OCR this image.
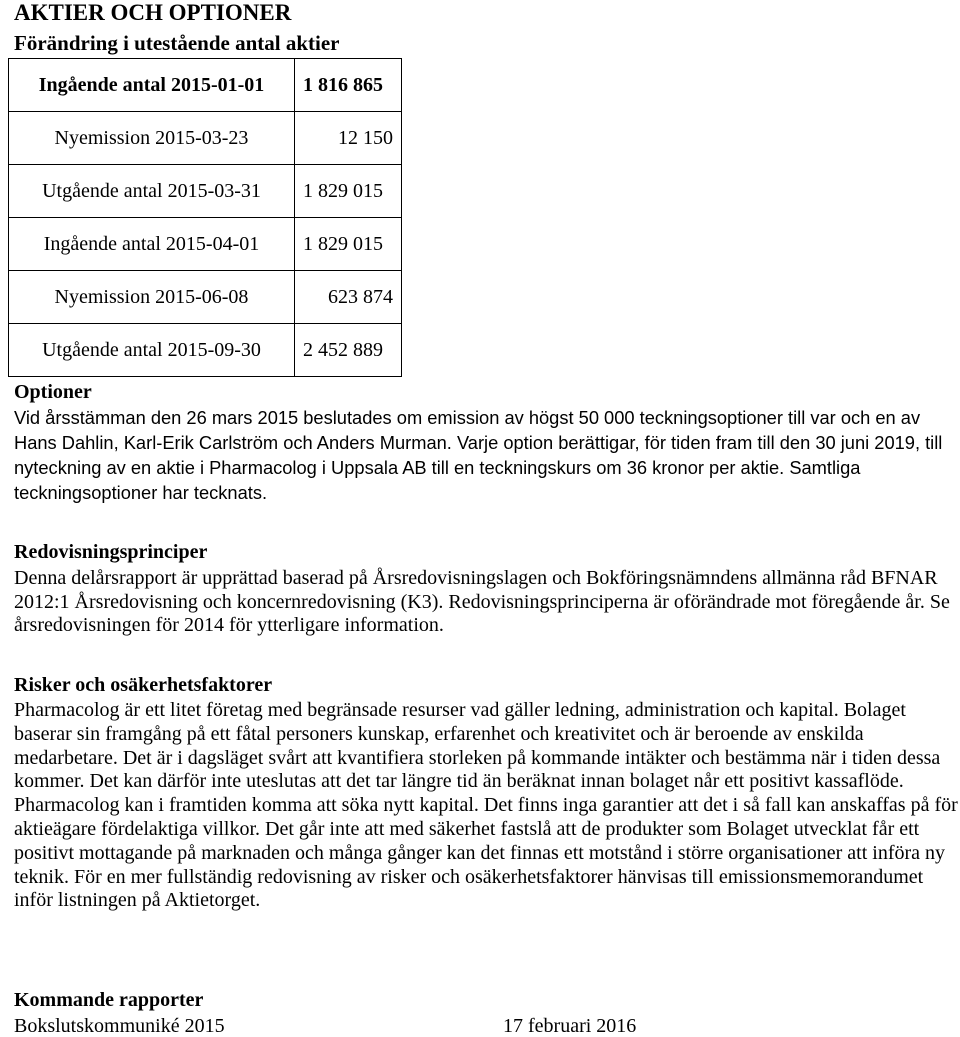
AKTIER OCH OPTIONER
Förändring i utestående antal aktier
Ingående antal 2015-01-01	1 816 865
Nyemission 2015-03-23	12 150
Utgående antal 2015-03-31	1 829 015
Ingående antal 2015-04-01	1 829 015
Nyemission 2015-06-08	623 874
Utgående antal 2015-09-30	2 452 889
Optioner
Vid årsstämman den 26 mars 2015 beslutades om emission av högst 50 000 teckningsoptioner till var och en av Hans Dahlin, Karl-Erik Carlström och Anders Murman. Varje option berättigar, för tiden fram till den 30 juni 2019, till nyteckning av en aktie i Pharmacolog i Uppsala AB till en teckningskurs om 36 kronor per aktie. Samtliga teckningsoptioner har tecknats.
Redovisningsprinciper
Denna delårsrapport är upprättad baserad på Årsredovisningslagen och Bokföringsnämndens allmänna råd BFNAR 2012:1 Årsredovisning och koncernredovisning (K3). Redovisningsprinciperna är oförändrade mot föregående år. Se årsredovisningen för 2014 för ytterligare information.
Risker och osäkerhetsfaktorer
Pharmacolog är ett litet företag med begränsade resurser vad gäller ledning, administration och kapital. Bolaget baserar sin framgång på ett fåtal personers kunskap, erfarenhet och kreativitet och är beroende av enskilda medarbetare. Det är i dagsläget svårt att kvantifiera storleken på kommande intäkter och bestämma när i tiden dessa kommer. Det kan därför inte uteslutas att det tar längre tid än beräknat innan bolaget når ett positivt kassaflöde. Pharmacolog kan i framtiden komma att söka nytt kapital. Det finns inga garantier att det i så fall kan anskaffas på för aktieägare fördelaktiga villkor. Det går inte att med säkerhet fastslå att de produkter som Bolaget utvecklat får ett positivt mottagande på marknaden och många gånger kan det finnas ett motstånd i större organisationer att införa ny teknik. För en mer fullständig redovisning av risker och osäkerhetsfaktorer hänvisas till emissionsmemorandumet inför listningen på Aktietorget.
Kommande rapporter
Bokslutskommuniké 2015	17 februari 2016
